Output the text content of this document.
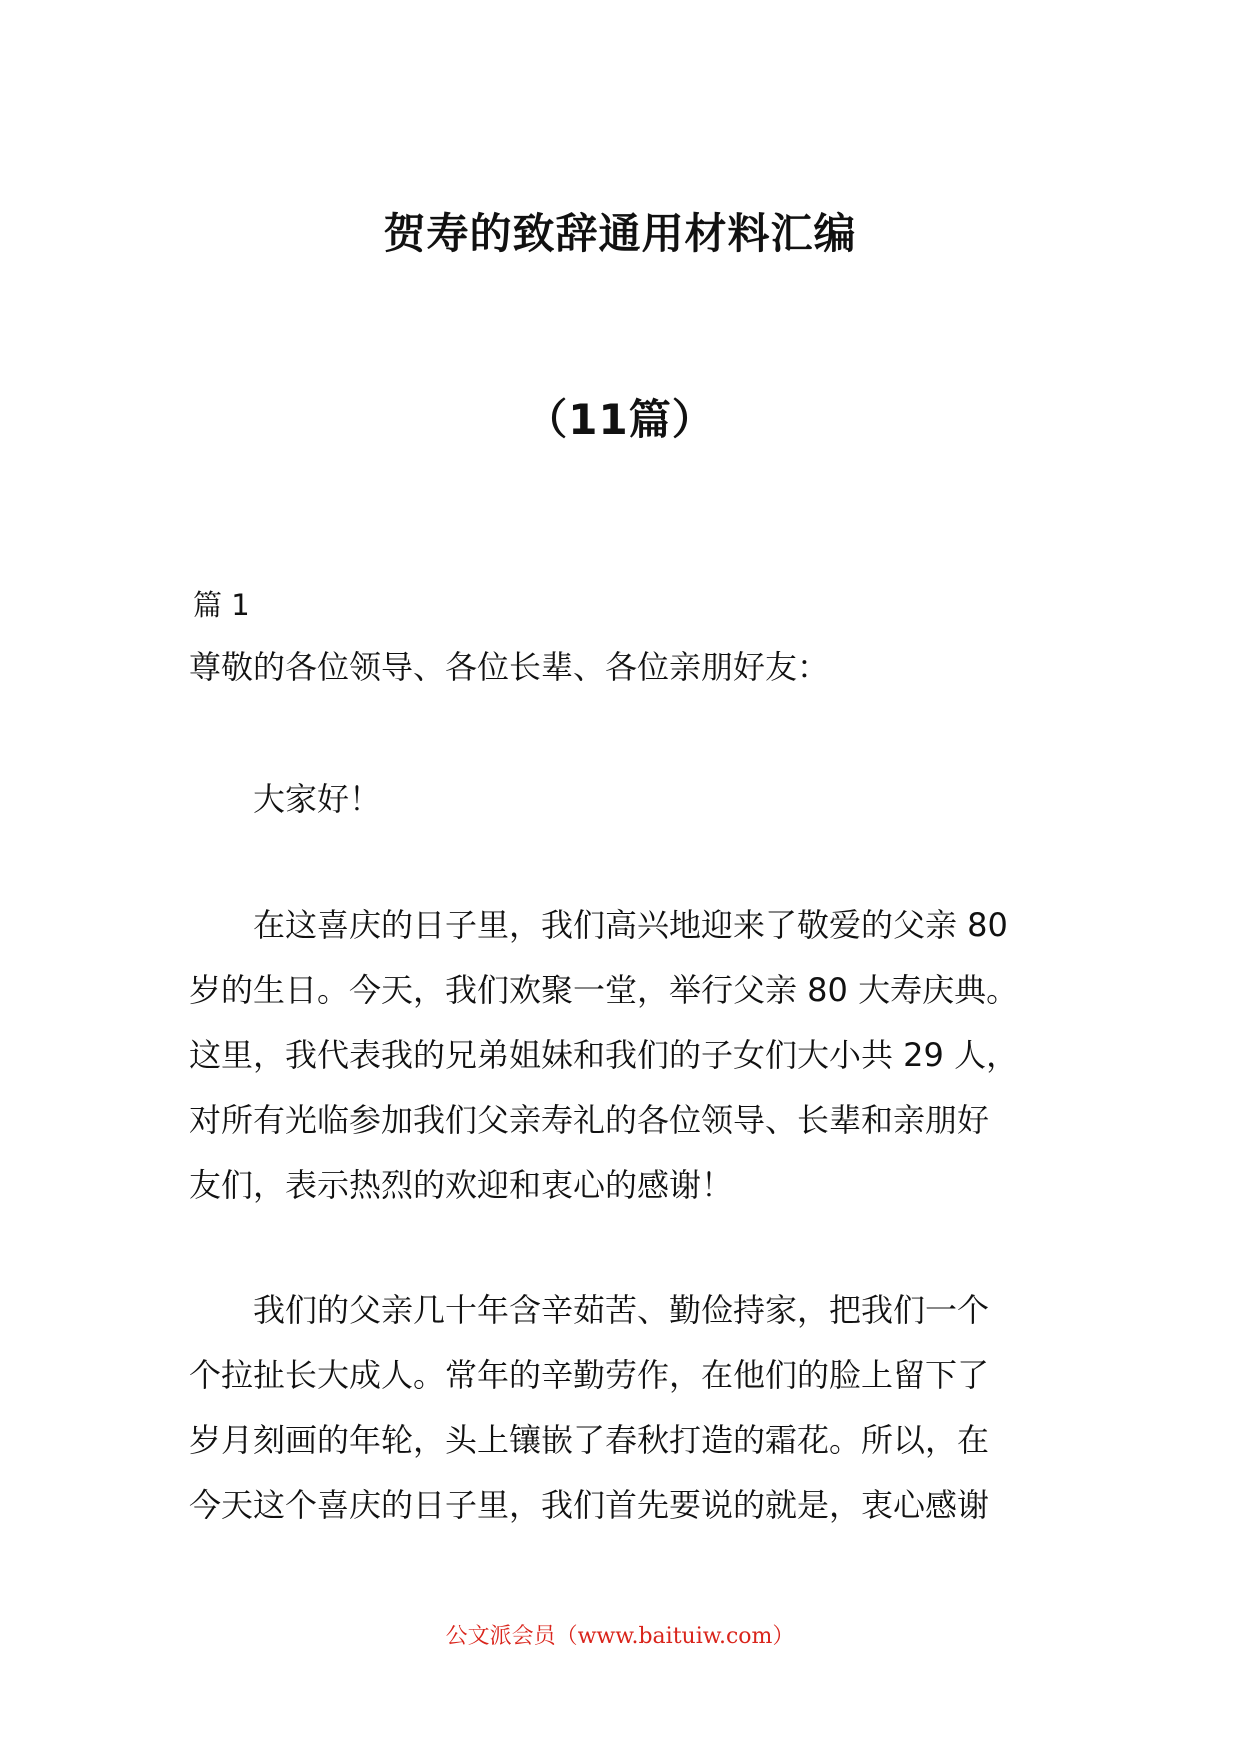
贺寿的致辞通用材料汇编
（11篇）
篇 1
尊敬的各位领导、各位长辈、各位亲朋好友：
大家好！
在这喜庆的日子里，我们高兴地迎来了敬爱的父亲 80
岁的生日。今天，我们欢聚一堂，举行父亲 80 大寿庆典。
这里，我代表我的兄弟姐妹和我们的子女们大小共 29 人，
对所有光临参加我们父亲寿礼的各位领导、长辈和亲朋好
友们，表示热烈的欢迎和衷心的感谢！
我们的父亲几十年含辛茹苦、勤俭持家，把我们一个
个拉扯长大成人。常年的辛勤劳作，在他们的脸上留下了
岁月刻画的年轮，头上镶嵌了春秋打造的霜花。所以，在
今天这个喜庆的日子里，我们首先要说的就是，衷心感谢
公文派会员（www.baituiw.com）
